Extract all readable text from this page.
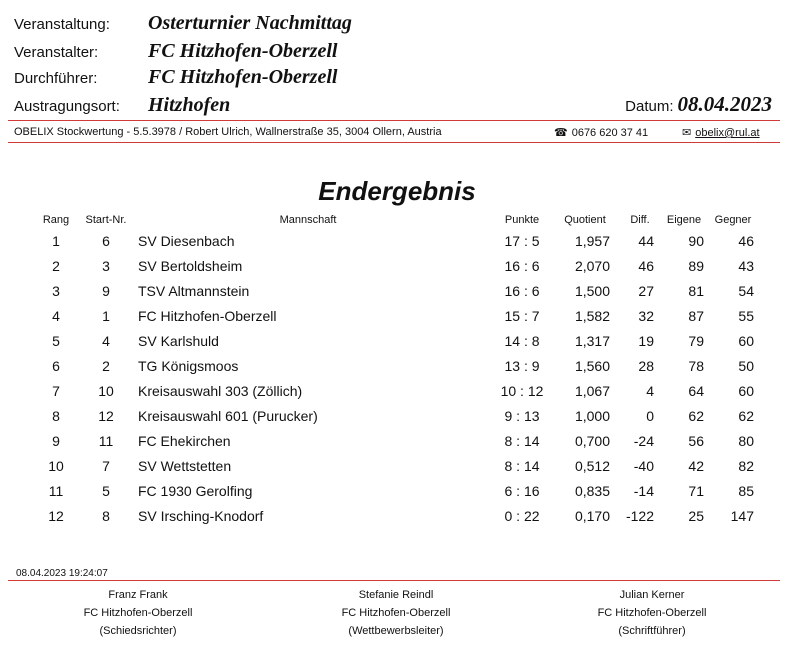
Veranstaltung:	Osterturnier Nachmittag
Veranstalter:	FC Hitzhofen-Oberzell
Durchführer:	FC Hitzhofen-Oberzell
Austragungsort:	Hitzhofen	Datum: 08.04.2023
OBELIX Stockwertung - 5.5.3978 / Robert Ulrich, Wallnerstraße 35, 3004 Ollern, Austria	☎ 0676 620 37 41	✉ obelix@rul.at
Endergebnis
Rang	Start-Nr.	Mannschaft	Punkte	Quotient	Diff.	Eigene	Gegner
1	6	SV Diesenbach	17 : 5	1,957	44	90	46
2	3	SV Bertoldsheim	16 : 6	2,070	46	89	43
3	9	TSV Altmannstein	16 : 6	1,500	27	81	54
4	1	FC Hitzhofen-Oberzell	15 : 7	1,582	32	87	55
5	4	SV Karlshuld	14 : 8	1,317	19	79	60
6	2	TG Königsmoos	13 : 9	1,560	28	78	50
7	10	Kreisauswahl 303 (Zöllich)	10 : 12	1,067	4	64	60
8	12	Kreisauswahl 601 (Purucker)	9 : 13	1,000	0	62	62
9	11	FC Ehekirchen	8 : 14	0,700	-24	56	80
10	7	SV Wettstetten	8 : 14	0,512	-40	42	82
11	5	FC 1930 Gerolfing	6 : 16	0,835	-14	71	85
12	8	SV Irsching-Knodorf	0 : 22	0,170	-122	25	147
08.04.2023 19:24:07
Franz Frank
FC Hitzhofen-Oberzell
(Schiedsrichter)
Stefanie Reindl
FC Hitzhofen-Oberzell
(Wettbewerbsleiter)
Julian Kerner
FC Hitzhofen-Oberzell
(Schriftführer)
